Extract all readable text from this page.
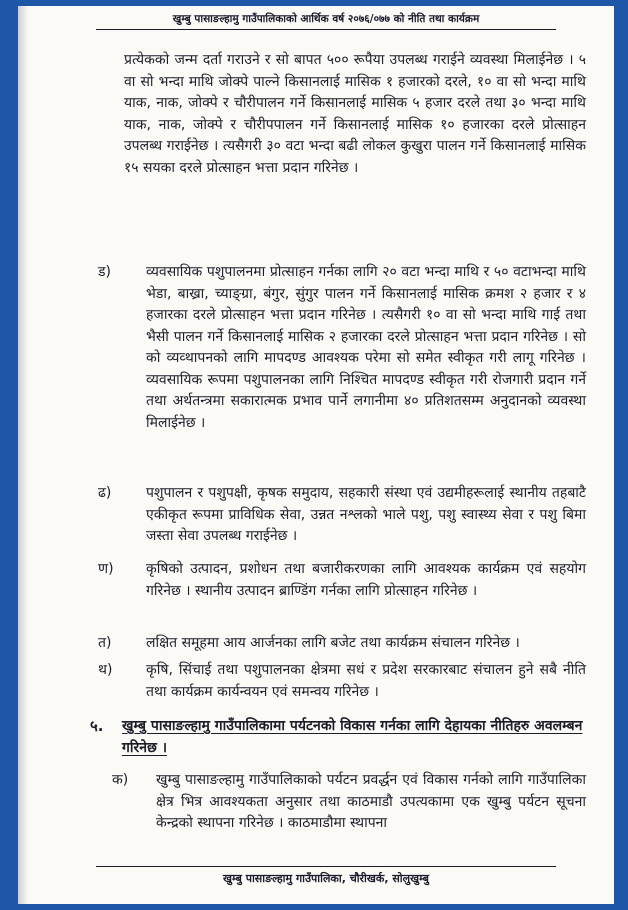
खुम्बु पासाङल्हामु गाउँपालिकाको आर्थिक वर्ष २०७६/०७७ को नीति तथा कार्यक्रम

प्रत्येकको जन्म दर्ता गराउने र सो बापत ५०० रूपैया उपलब्ध गराईने व्यवस्था मिलाईनेछ । ५ वा सो भन्दा माथि जोक्पे पाल्ने किसानलाई मासिक १ हजारको दरले, १० वा सो भन्दा माथि याक, नाक, जोक्पे र चौरीपालन गर्ने किसानलाई मासिक ५ हजार दरले तथा ३० भन्दा माथि याक, नाक, जोक्पे र चौरीपपालन गर्ने किसानलाई मासिक १० हजारका दरले प्रोत्साहन उपलब्ध गराईनेछ । त्यसैगरी ३० वटा भन्दा बढी लोकल कुखुरा पालन गर्ने किसानलाई मासिक १५ सयका दरले प्रोत्साहन भत्ता प्रदान गरिनेछ ।

ड)	व्यवसायिक पशुपालनमा प्रोत्साहन गर्नका लागि २० वटा भन्दा माथि र ५० वटाभन्दा माथि भेडा, बाख्रा, च्याङ्ग्रा, बंगुर, सुंगुर पालन गर्ने किसानलाई मासिक क्रमश २ हजार र ४ हजारका दरले प्रोत्साहन भत्ता प्रदान गरिनेछ । त्यसैगरी १० वा सो भन्दा माथि गाई तथा भैसी पालन गर्ने किसानलाई मासिक २ हजारका दरले प्रोत्साहन भत्ता प्रदान गरिनेछ । सो को व्यव्थापनको लागि मापदण्ड आवश्यक परेमा सो समेत स्वीकृत गरी लागू गरिनेछ । व्यवसायिक रूपमा पशुपालनका लागि निश्चित मापदण्ड स्वीकृत गरी रोजगारी प्रदान गर्ने तथा अर्थतन्त्रमा सकारात्मक प्रभाव पार्ने लगानीमा ४० प्रतिशतसम्म अनुदानको व्यवस्था मिलाईनेछ ।

ढ) पशुपालन र पशुपक्षी, कृषक समुदाय, सहकारी संस्था एवं उद्यमीहरूलाई स्थानीय तहबाटै एकीकृत रूपमा प्राविधिक सेवा, उन्नत नश्लको भाले पशु, पशु स्वास्थ्य सेवा र पशु बिमा जस्ता सेवा उपलब्ध गराईनेछ ।

ण) कृषिको उत्पादन, प्रशोधन तथा बजारीकरणका लागि आवश्यक कार्यक्रम एवं सहयोग गरिनेछ । स्थानीय उत्पादन ब्राण्डिंग गर्नका लागि प्रोत्साहन गरिनेछ ।

त) लक्षित समूहमा आय आर्जनका लागि बजेट तथा कार्यक्रम संचालन गरिनेछ ।

थ) कृषि, सिंचाई तथा पशुपालनका क्षेत्रमा सधं र प्रदेश सरकारबाट संचालन हुने सबै नीति तथा कार्यक्रम कार्यन्वयन एवं समन्वय गरिनेछ ।

५. खुम्बु पासाङल्हामु गाउँपालिकामा पर्यटनको विकास गर्नका लागि देहायका नीतिहरु अवलम्बन गरिनेछ ।
क) खुम्बु पासाङल्हामु गाउँपालिकाको पर्यटन प्रवर्द्धन एवं विकास गर्नको लागि गाउँपालिका क्षेत्र भित्र आवश्यकता अनुसार तथा काठमाडौ उपत्यकामा एक खुम्बु पर्यटन सूचना केन्द्रको स्थापना गरिनेछ । काठमाडौमा स्थापना

खुम्बु पासाङल्हामु गाउँपालिका, चौरीखर्क, सोलुखुम्बु
